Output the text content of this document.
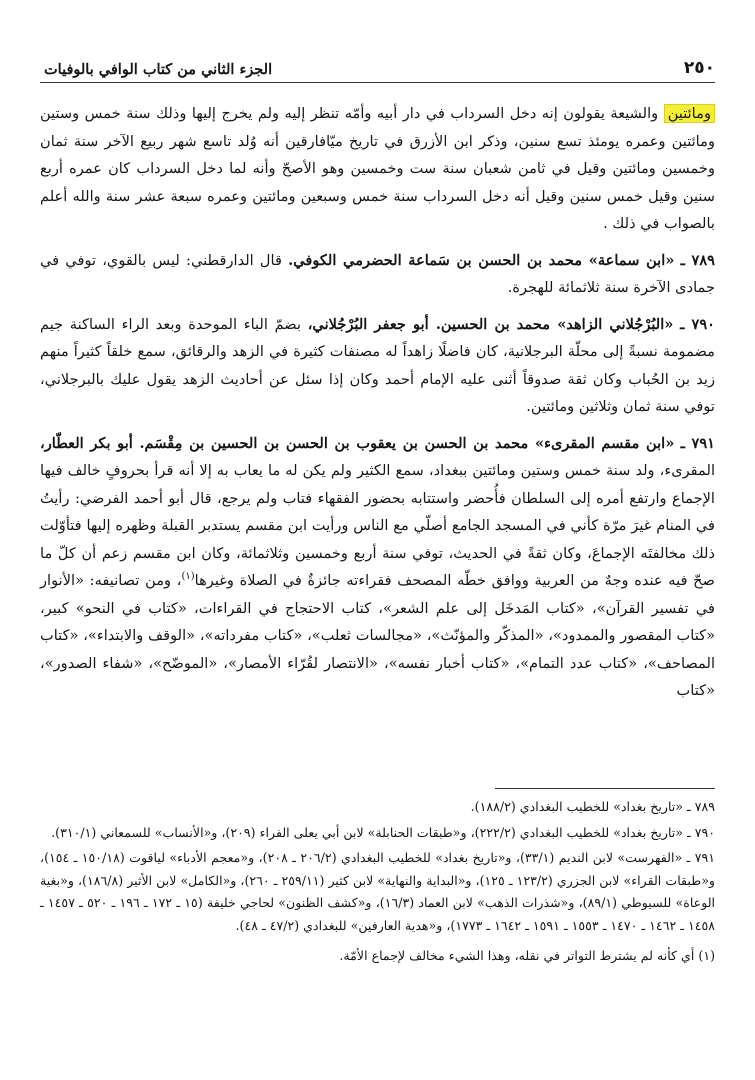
٢٥٠
الجزء الثاني من كتاب الوافي بالوفيات

ومائتين والشيعة يقولون إنه دخل السرداب في دار أبيه وأمّه تنظر إليه ولم يخرج إليها وذلك سنة خمس وستين ومائتين وعمره يومئذ تسع سنين، وذكر ابن الأزرق في تاريخ ميّافارقين أنه وُلد تاسع شهر ربيع الآخر سنة ثمان وخمسين ومائتين وقيل في ثامن شعبان سنة ست وخمسين وهو الأصحّ وأنه لما دخل السرداب كان عمره أربع سنين وقيل خمس سنين وقيل أنه دخل السرداب سنة خمس وسبعين ومائتين وعمره سبعة عشر سنة والله أعلم بالصواب في ذلك .

٧٨٩ ـ «ابن سماعة» محمد بن الحسن بن سَماعة الحضرمي الكوفي. قال الدارقطني: ليس بالقوي، توفي في جمادى الآخرة سنة ثلاثمائة للهجرة.

٧٩٠ ـ «البُرْجُلاني الزاهد» محمد بن الحسين. أبو جعفر البُرْجُلاني، بضمّ الباء الموحدة وبعد الراء الساكنة جيم مضمومة نسبةً إلى محلّة البرجلانية، كان فاضلًا زاهداً له مصنفات كثيرة في الزهد والرقائق، سمع خلقاً كثيراً منهم زيد بن الحُباب وكان ثقة صدوقاً أثنى عليه الإمام أحمد وكان إذا سئل عن أحاديث الزهد يقول عليك بالبرجلاني، توفي سنة ثمان وثلاثين ومائتين.

٧٩١ ـ «ابن مقسم المقرىء» محمد بن الحسن بن يعقوب بن الحسن بن الحسين بن مِقْسَم. أبو بكر العطّار، المقرىء، ولد سنة خمس وستين ومائتين ببغداد، سمع الكثير ولم يكن له ما يعاب به إلا أنه قرأ بحروفٍ خالف فيها الإجماع وارتفع أمره إلى السلطان فأُحضر واستتابه بحضور الفقهاء فتاب ولم يرجع، قال أبو أحمد الفرضي: رأيتُ في المنام غيرَ مرّة كأني في المسجد الجامع أصلّي مع الناس ورأيت ابن مقسم يستدبر القبلة وظهره إليها فتأوّلت ذلك مخالفتَه الإجماعَ، وكان ثقةً في الحديث، توفي سنة أربع وخمسين وثلاثمائة، وكان ابن مقسم زعم أن كلّ ما صحّ فيه عنده وجهٌ من العربية ووافق خطّه المصحف فقراءته جائزةٌ في الصلاة وغيرها$^{(١)}$، ومن تصانيفه: «الأنوار في تفسير القرآن»، «كتاب المَدخَل إلى علم الشعر»، كتاب الاحتجاج في القراءات، «كتاب في النحو» كبير، «كتاب المقصور والممدود»، «المذكّر والمؤنّث»، «مجالسات ثعلب»، «كتاب مفرداته»، «الوقف والابتداء»، «كتاب المصاحف»، «كتاب عدد التمام»، «كتاب أخبار نفسه»، «الانتصار لقُرّاء الأمصار»، «الموضّح»، «شفاء الصدور»، «كتاب

٧٨٩ ـ «تاريخ بغداد» للخطيب البغدادي (١٨٨/٢).

٧٩٠ ـ «تاريخ بغداد» للخطيب البغدادي (٢٢٢/٢)، و«طبقات الحنابلة» لابن أبي يعلى الفراء (٢٠٩)، و«الأنساب» للسمعاني (٣١٠/١).

٧٩١ ـ «الفهرست» لابن النديم (٣٣/١)، و«تاريخ بغداد» للخطيب البغدادي (٢٠٦/٢ ـ ٢٠٨)، و«معجم الأدباء» لياقوت (١٥٠/١٨ ـ ١٥٤)، و«طبقات القراء» لابن الجزري (١٢٣/٢ ـ ١٢٥)، و«البداية والنهاية» لابن كثير (٢٥٩/١١ ـ ٢٦٠)، و«الكامل» لابن الأثير (١٨٦/٨)، و«بغية الوعاة» للسيوطي (٨٩/١)، و«شذرات الذهب» لابن العماد (١٦/٣)، و«كشف الظنون» لحاجي خليفة (١٥ ـ ١٧٢ ـ ١٩٦ ـ ٥٢٠ ـ ١٤٥٧ ـ ١٤٥٨ ـ ١٤٦٢ ـ ١٤٧٠ ـ ١٥٥٣ ـ ١٥٩١ ـ ١٦٤٢ ـ ١٧٧٣)، و«هدية العارفين» للبغدادي (٤٧/٢ ـ ٤٨).

(١) أي كأنه لم يشترط التواتر في نقله، وهذا الشيء مخالف لإجماع الأمّة.
